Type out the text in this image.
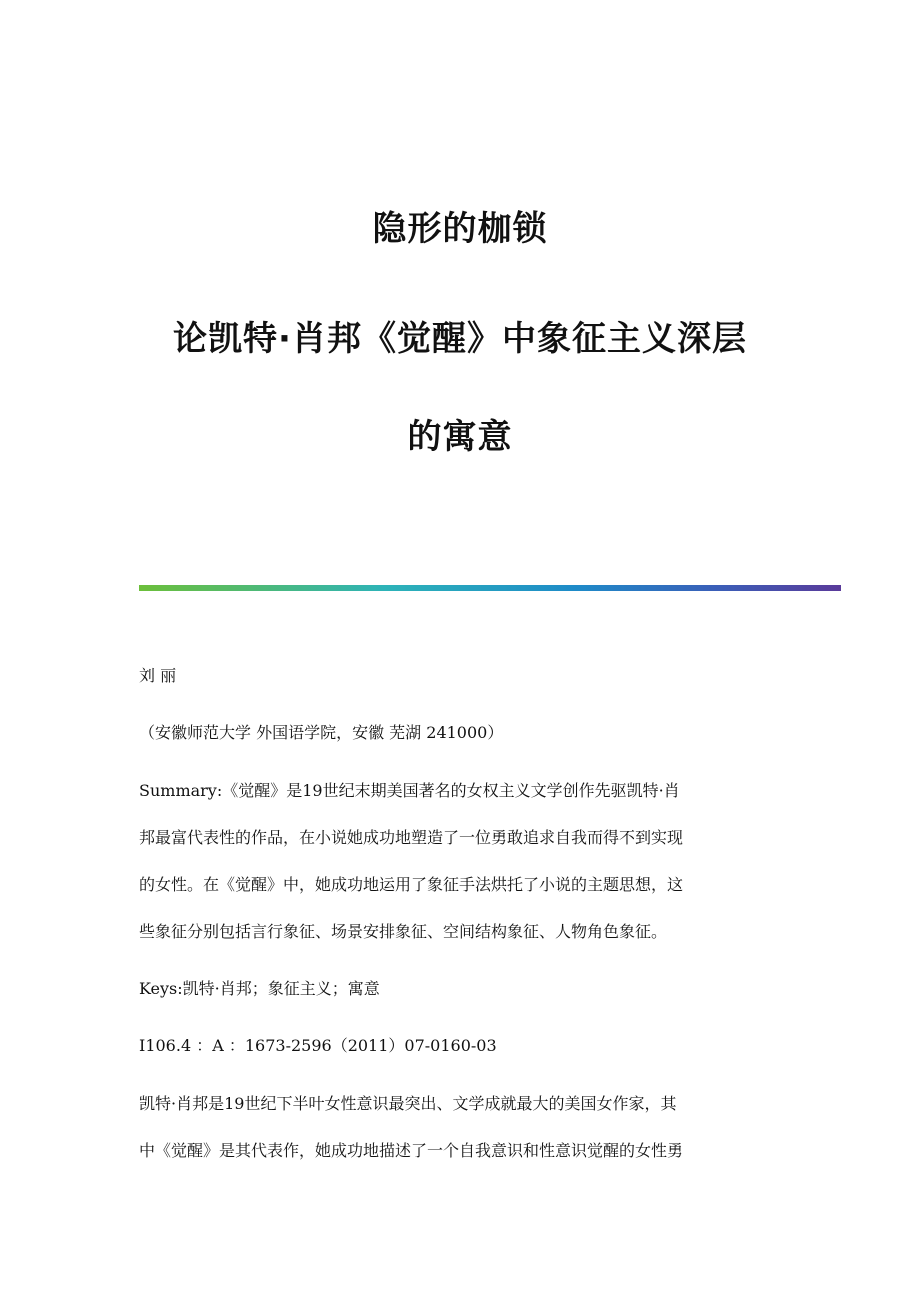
隐形的枷锁
论凯特·肖邦《觉醒》中象征主义深层
的寓意

刘 丽

（安徽师范大学 外国语学院，安徽 芜湖 241000）

Summary:《觉醒》是19世纪末期美国著名的女权主义文学创作先驱凯特·肖
邦最富代表性的作品，在小说她成功地塑造了一位勇敢追求自我而得不到实现
的女性。在《觉醒》中，她成功地运用了象征手法烘托了小说的主题思想，这
些象征分别包括言行象征、场景安排象征、空间结构象征、人物角色象征。

Keys:凯特·肖邦；象征主义；寓意

I106.4 ：A ：1673-2596（2011）07-0160-03

凯特·肖邦是19世纪下半叶女性意识最突出、文学成就最大的美国女作家，其
中《觉醒》是其代表作，她成功地描述了一个自我意识和性意识觉醒的女性勇
